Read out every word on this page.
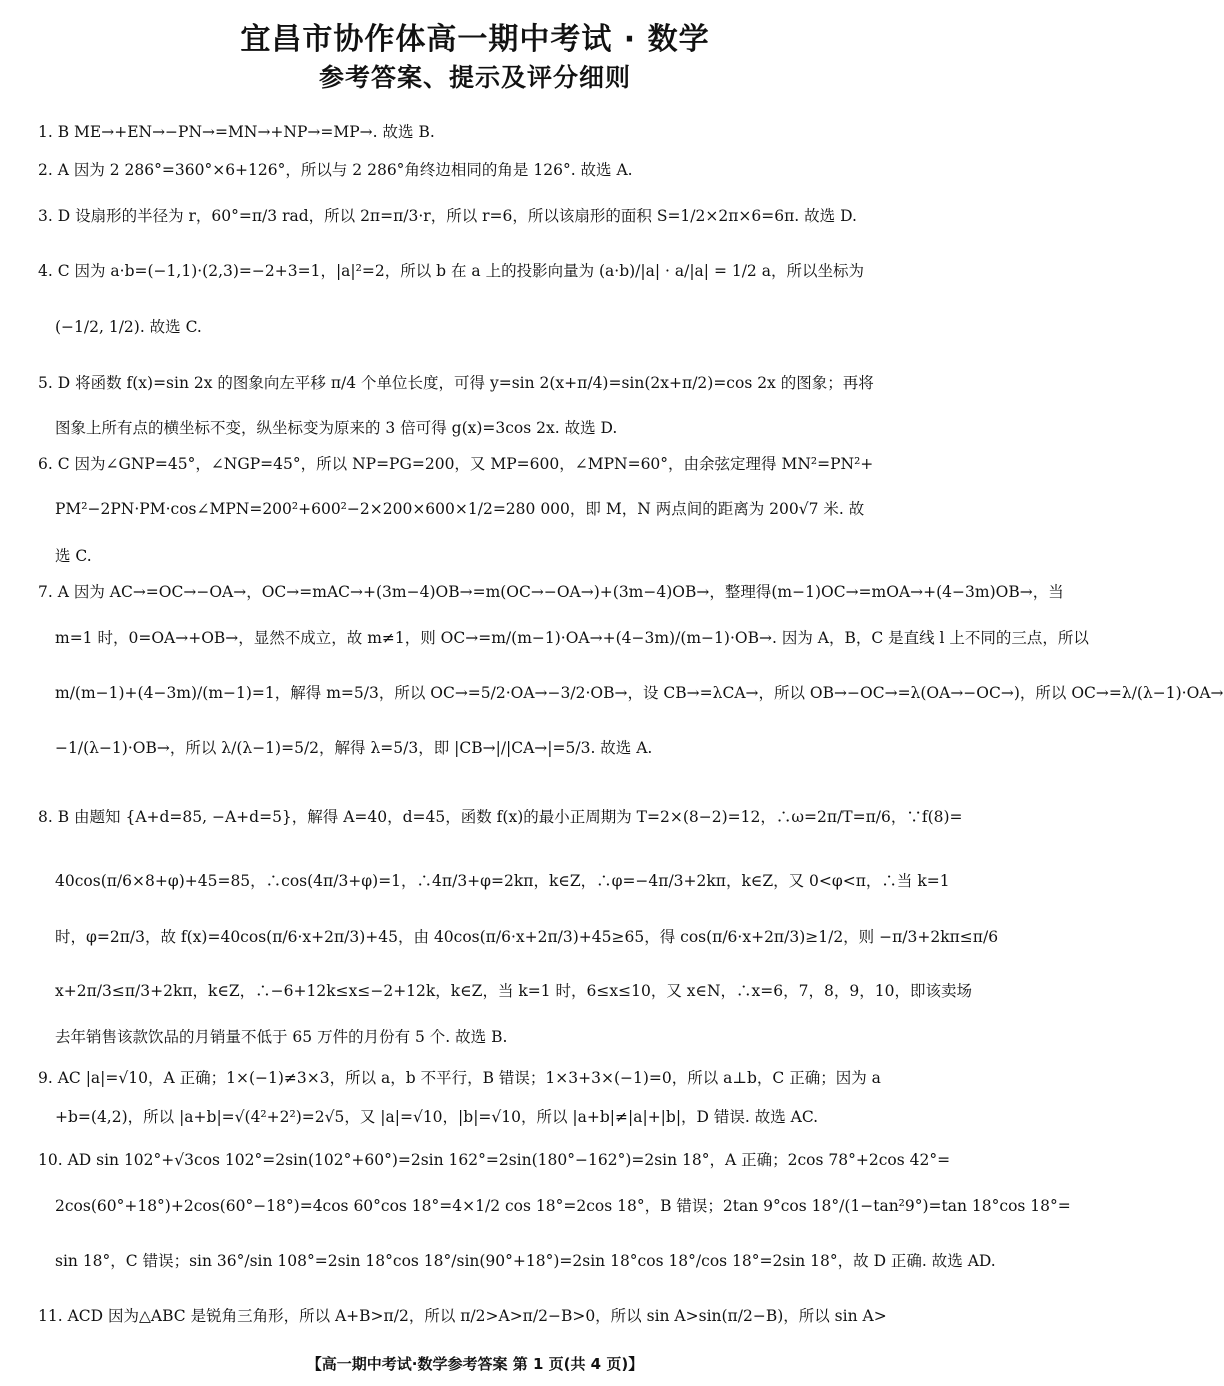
宜昌市协作体高一期中考试 · 数学
参考答案、提示及评分细则
1. B ME→+EN→−PN→=MN→+NP→=MP→. 故选 B.
2. A 因为 2 286°=360°×6+126°，所以与 2 286°角终边相同的角是 126°. 故选 A.
3. D 设扇形的半径为 r，60°=π/3 rad，所以 2π=π/3·r，所以 r=6，所以该扇形的面积 S=1/2×2π×6=6π. 故选 D.
4. C 因为 a·b=(−1,1)·(2,3)=−2+3=1，|a|²=2，所以 b 在 a 上的投影向量为 (a·b)/|a| · a/|a| = 1/2 a，所以坐标为
(−1/2, 1/2). 故选 C.
5. D 将函数 f(x)=sin 2x 的图象向左平移 π/4 个单位长度，可得 y=sin 2(x+π/4)=sin(2x+π/2)=cos 2x 的图象；再将
图象上所有点的横坐标不变，纵坐标变为原来的 3 倍可得 g(x)=3cos 2x. 故选 D.
6. C 因为∠GNP=45°，∠NGP=45°，所以 NP=PG=200，又 MP=600，∠MPN=60°，由余弦定理得 MN²=PN²+
PM²−2PN·PM·cos∠MPN=200²+600²−2×200×600×1/2=280 000，即 M，N 两点间的距离为 200√7 米. 故
选 C.
7. A 因为 AC→=OC→−OA→，OC→=mAC→+(3m−4)OB→=m(OC→−OA→)+(3m−4)OB→，整理得(m−1)OC→=mOA→+(4−3m)OB→，当
m=1 时，0=OA→+OB→，显然不成立，故 m≠1，则 OC→=m/(m−1)·OA→+(4−3m)/(m−1)·OB→. 因为 A，B，C 是直线 l 上不同的三点，所以
m/(m−1)+(4−3m)/(m−1)=1，解得 m=5/3，所以 OC→=5/2·OA→−3/2·OB→，设 CB→=λCA→，所以 OB→−OC→=λ(OA→−OC→)，所以 OC→=λ/(λ−1)·OA→
−1/(λ−1)·OB→，所以 λ/(λ−1)=5/2，解得 λ=5/3，即 |CB→|/|CA→|=5/3. 故选 A.
8. B 由题知 {A+d=85, −A+d=5}，解得 A=40，d=45，函数 f(x)的最小正周期为 T=2×(8−2)=12，∴ω=2π/T=π/6，∵f(8)=
40cos(π/6×8+φ)+45=85，∴cos(4π/3+φ)=1，∴4π/3+φ=2kπ，k∈Z，∴φ=−4π/3+2kπ，k∈Z，又 0<φ<π，∴当 k=1
时，φ=2π/3，故 f(x)=40cos(π/6·x+2π/3)+45，由 40cos(π/6·x+2π/3)+45≥65，得 cos(π/6·x+2π/3)≥1/2，则 −π/3+2kπ≤π/6
x+2π/3≤π/3+2kπ，k∈Z，∴−6+12k≤x≤−2+12k，k∈Z，当 k=1 时，6≤x≤10，又 x∈N，∴x=6，7，8，9，10，即该卖场
去年销售该款饮品的月销量不低于 65 万件的月份有 5 个. 故选 B.
9. AC |a|=√10，A 正确；1×(−1)≠3×3，所以 a，b 不平行，B 错误；1×3+3×(−1)=0，所以 a⊥b，C 正确；因为 a
+b=(4,2)，所以 |a+b|=√(4²+2²)=2√5，又 |a|=√10，|b|=√10，所以 |a+b|≠|a|+|b|，D 错误. 故选 AC.
10. AD sin 102°+√3cos 102°=2sin(102°+60°)=2sin 162°=2sin(180°−162°)=2sin 18°，A 正确；2cos 78°+2cos 42°=
2cos(60°+18°)+2cos(60°−18°)=4cos 60°cos 18°=4×1/2 cos 18°=2cos 18°，B 错误；2tan 9°cos 18°/(1−tan²9°)=tan 18°cos 18°=
sin 18°，C 错误；sin 36°/sin 108°=2sin 18°cos 18°/sin(90°+18°)=2sin 18°cos 18°/cos 18°=2sin 18°，故 D 正确. 故选 AD.
11. ACD 因为△ABC 是锐角三角形，所以 A+B>π/2，所以 π/2>A>π/2−B>0，所以 sin A>sin(π/2−B)，所以 sin A>
【高一期中考试·数学参考答案 第 1 页(共 4 页)】
